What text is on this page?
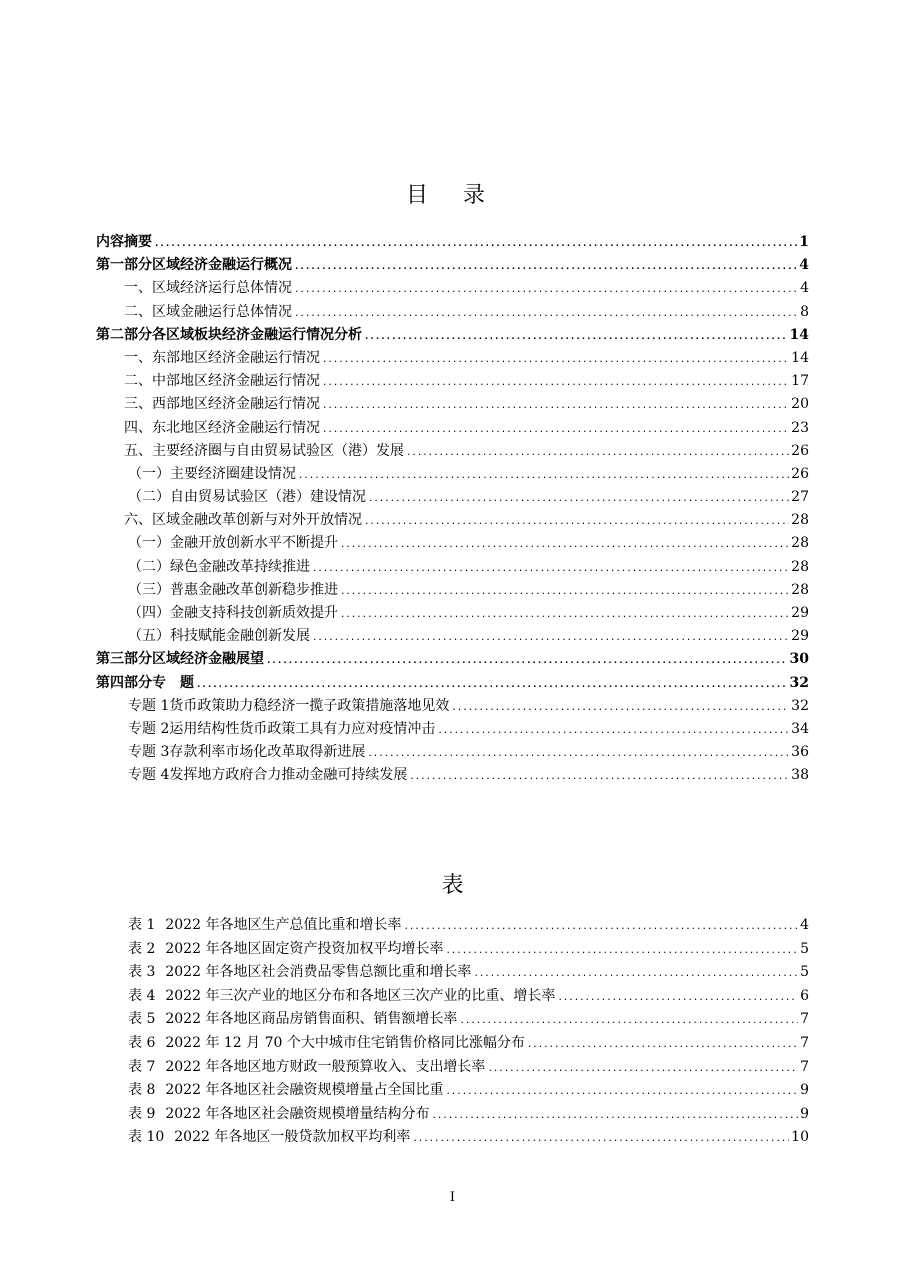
目 录
内容摘要 .....	1
第一部分 区域经济金融运行概况 .....	4
一、区域经济运行总体情况 .....	4
二、区域金融运行总体情况 .....	8
第二部分 各区域板块经济金融运行情况分析 .....	14
一、东部地区经济金融运行情况 .....	14
二、中部地区经济金融运行情况 .....	17
三、西部地区经济金融运行情况 .....	20
四、东北地区经济金融运行情况 .....	23
五、主要经济圈与自由贸易试验区（港）发展 .....	26
（一）主要经济圈建设情况 .....	26
（二）自由贸易试验区（港）建设情况 .....	27
六、区域金融改革创新与对外开放情况 .....	28
（一）金融开放创新水平不断提升 .....	28
（二）绿色金融改革持续推进 .....	28
（三）普惠金融改革创新稳步推进 .....	28
（四）金融支持科技创新质效提升 .....	29
（五）科技赋能金融创新发展 .....	29
第三部分 区域经济金融展望 .....	30
第四部分 专　题 .....	32
专题 1 货币政策助力稳经济一揽子政策措施落地见效 .....	32
专题 2 运用结构性货币政策工具有力应对疫情冲击 .....	34
专题 3 存款利率市场化改革取得新进展 .....	36
专题 4 发挥地方政府合力推动金融可持续发展 .....	38
表
表 1 2022 年各地区生产总值比重和增长率 .....	4
表 2 2022 年各地区固定资产投资加权平均增长率 .....	5
表 3 2022 年各地区社会消费品零售总额比重和增长率 .....	5
表 4 2022 年三次产业的地区分布和各地区三次产业的比重、增长率 .....	6
表 5 2022 年各地区商品房销售面积、销售额增长率 .....	7
表 6 2022 年 12 月 70 个大中城市住宅销售价格同比涨幅分布 .....	7
表 7 2022 年各地区地方财政一般预算收入、支出增长率 .....	7
表 8 2022 年各地区社会融资规模增量占全国比重 .....	9
表 9 2022 年各地区社会融资规模增量结构分布 .....	9
表 10 2022 年各地区一般贷款加权平均利率 .....	10
I
